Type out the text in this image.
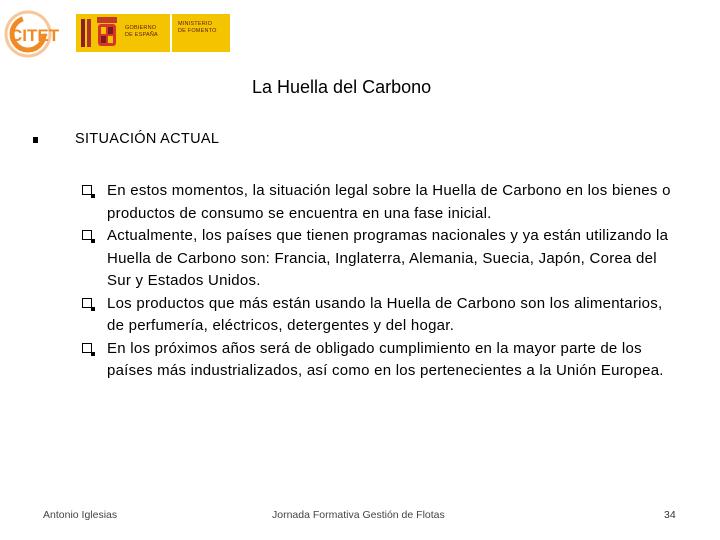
CITET	GOBIERNO
DE ESPAÑA
MINISTERIO
DE FOMENTO
La Huella del Carbono
SITUACIÓN ACTUAL
En estos momentos, la situación legal sobre la Huella de Carbono en los bienes o productos de consumo se encuentra en una fase inicial.
Actualmente, los países que tienen programas nacionales y ya están utilizando la Huella de Carbono son: Francia, Inglaterra, Alemania, Suecia, Japón, Corea del Sur y Estados Unidos.
Los productos que más están usando la Huella de Carbono son los alimentarios, de perfumería, eléctricos, detergentes y del hogar.
En los próximos años será de obligado cumplimiento en la mayor parte de los países más industrializados, así como en los pertenecientes a la Unión Europea.
Antonio Iglesias	Jornada Formativa Gestión de Flotas	34
